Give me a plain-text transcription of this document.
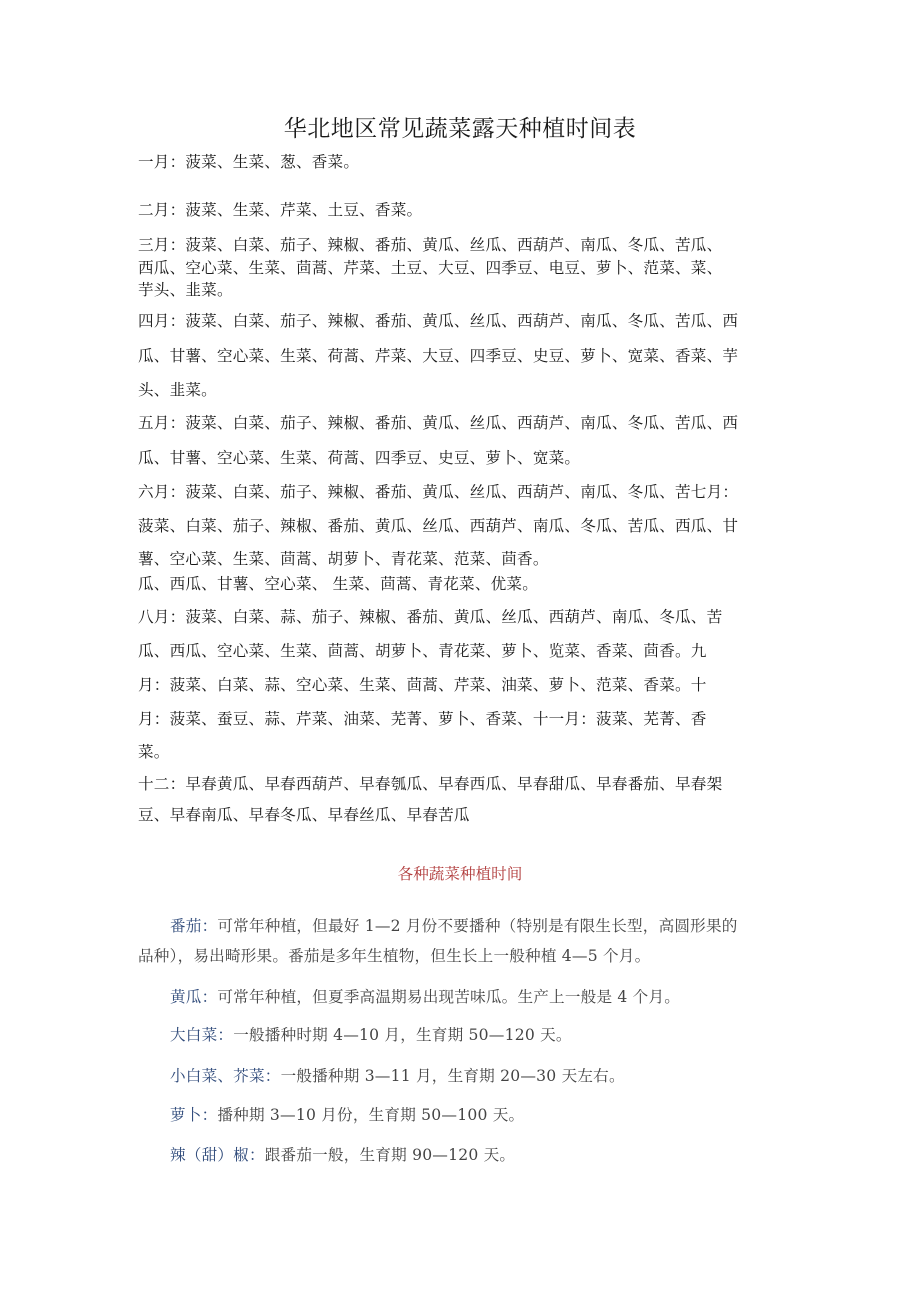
华北地区常见蔬菜露天种植时间表
一月：菠菜、生菜、葱、香菜。
二月：菠菜、生菜、芹菜、土豆、香菜。
三月：菠菜、白菜、茄子、辣椒、番茄、黄瓜、丝瓜、西葫芦、南瓜、冬瓜、苦瓜、
西瓜、空心菜、生菜、茴蒿、芹菜、土豆、大豆、四季豆、电豆、萝卜、范菜、菜、
芋头、韭菜。
四月：菠菜、白菜、茄子、辣椒、番茄、黄瓜、丝瓜、西葫芦、南瓜、冬瓜、苦瓜、西
瓜、甘薯、空心菜、生菜、荷蒿、芹菜、大豆、四季豆、史豆、萝卜、宽菜、香菜、芋
头、韭菜。
五月：菠菜、白菜、茄子、辣椒、番茄、黄瓜、丝瓜、西葫芦、南瓜、冬瓜、苦瓜、西
瓜、甘薯、空心菜、生菜、荷蒿、四季豆、史豆、萝卜、宽菜。
六月：菠菜、白菜、茄子、辣椒、番茄、黄瓜、丝瓜、西葫芦、南瓜、冬瓜、苦七月：
菠菜、白菜、茄子、辣椒、番茄、黄瓜、丝瓜、西葫芦、南瓜、冬瓜、苦瓜、西瓜、甘
薯、空心菜、生菜、茴蒿、胡萝卜、青花菜、范菜、茴香。
瓜、西瓜、甘薯、空心菜、 生菜、茴蒿、青花菜、优菜。
八月：菠菜、白菜、蒜、茄子、辣椒、番茄、黄瓜、丝瓜、西葫芦、南瓜、冬瓜、苦
瓜、西瓜、空心菜、生菜、茴蒿、胡萝卜、青花菜、萝卜、览菜、香菜、茴香。九
月：菠菜、白菜、蒜、空心菜、生菜、茴蒿、芹菜、油菜、萝卜、范菜、香菜。十
月：菠菜、蚕豆、蒜、芹菜、油菜、芜菁、萝卜、香菜、十一月：菠菜、芜菁、香
菜。
十二：早春黄瓜、早春西葫芦、早春瓠瓜、早春西瓜、早春甜瓜、早春番茄、早春架
豆、早春南瓜、早春冬瓜、早春丝瓜、早春苦瓜
各种蔬菜种植时间
番茄：可常年种植，但最好 1—2 月份不要播种（特别是有限生长型，高圆形果的
品种），易出畸形果。番茄是多年生植物，但生长上一般种植 4—5 个月。
黄瓜：可常年种植，但夏季高温期易出现苦味瓜。生产上一般是 4 个月。
大白菜：一般播种时期 4—10 月，生育期 50—120 天。
小白菜、芥菜：一般播种期 3—11 月，生育期 20—30 天左右。
萝卜：播种期 3—10 月份，生育期 50—100 天。
辣（甜）椒：跟番茄一般，生育期 90—120 天。
